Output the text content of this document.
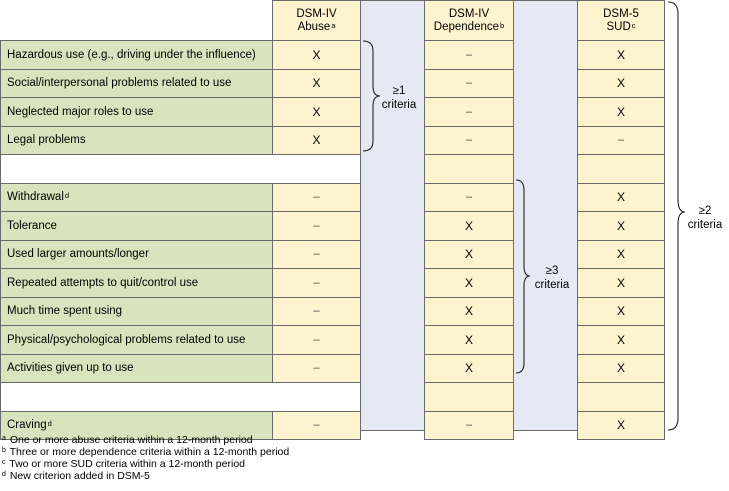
DSM-IV
Abuse$^a$
DSM-IV
Dependence$^b$
DSM-5
SUD$^c$
Hazardous use (e.g., driving under the influence)	X	–	X
Social/interpersonal problems related to use	X	–	X
Neglected major roles to use	X	–	X
Legal problems	X	–	–
Withdrawal$^d$	–	–	X
Tolerance	–	X	X
Used larger amounts/longer	–	X	X
Repeated attempts to quit/control use	–	X	X
Much time spent using	–	X	X
Physical/psychological problems related to use	–	X	X
Activities given up to use	–	X	X
Craving$^d$	–	–	X
≥1
criteria
≥3
criteria
≥2
criteria
$^a$ One or more abuse criteria within a 12-month period
$^b$ Three or more dependence criteria within a 12-month period
$^c$ Two or more SUD criteria within a 12-month period
$^d$ New criterion added in DSM-5
